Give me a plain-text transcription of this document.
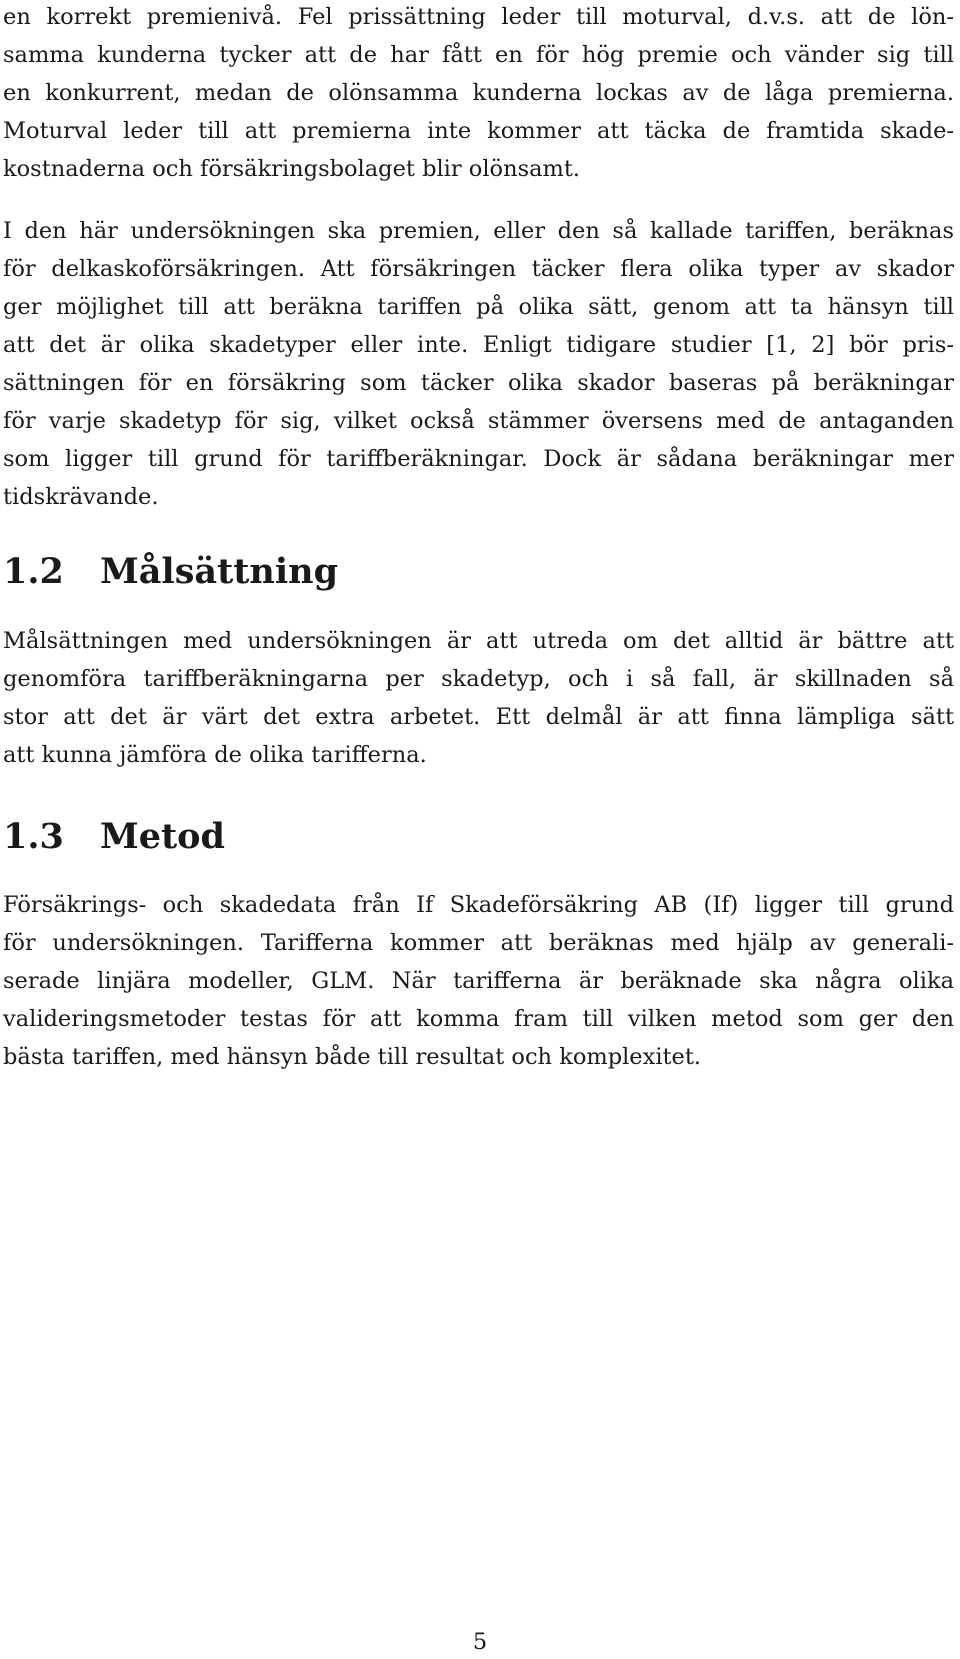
en korrekt premienivå. Fel prissättning leder till moturval, d.v.s. att de lön-
samma kunderna tycker att de har fått en för hög premie och vänder sig till
en konkurrent, medan de olönsamma kunderna lockas av de låga premierna.
Moturval leder till att premierna inte kommer att täcka de framtida skade-
kostnaderna och försäkringsbolaget blir olönsamt.
I den här undersökningen ska premien, eller den så kallade tariffen, beräknas
för delkaskoförsäkringen. Att försäkringen täcker flera olika typer av skador
ger möjlighet till att beräkna tariffen på olika sätt, genom att ta hänsyn till
att det är olika skadetyper eller inte. Enligt tidigare studier [1, 2] bör pris-
sättningen för en försäkring som täcker olika skador baseras på beräkningar
för varje skadetyp för sig, vilket också stämmer översens med de antaganden
som ligger till grund för tariffberäkningar. Dock är sådana beräkningar mer
tidskrävande.
1.2 Målsättning
Målsättningen med undersökningen är att utreda om det alltid är bättre att
genomföra tariffberäkningarna per skadetyp, och i så fall, är skillnaden så
stor att det är värt det extra arbetet. Ett delmål är att finna lämpliga sätt
att kunna jämföra de olika tarifferna.
1.3 Metod
Försäkrings- och skadedata från If Skadeförsäkring AB (If) ligger till grund
för undersökningen. Tarifferna kommer att beräknas med hjälp av generali-
serade linjära modeller, GLM. När tarifferna är beräknade ska några olika
valideringsmetoder testas för att komma fram till vilken metod som ger den
bästa tariffen, med hänsyn både till resultat och komplexitet.
5
